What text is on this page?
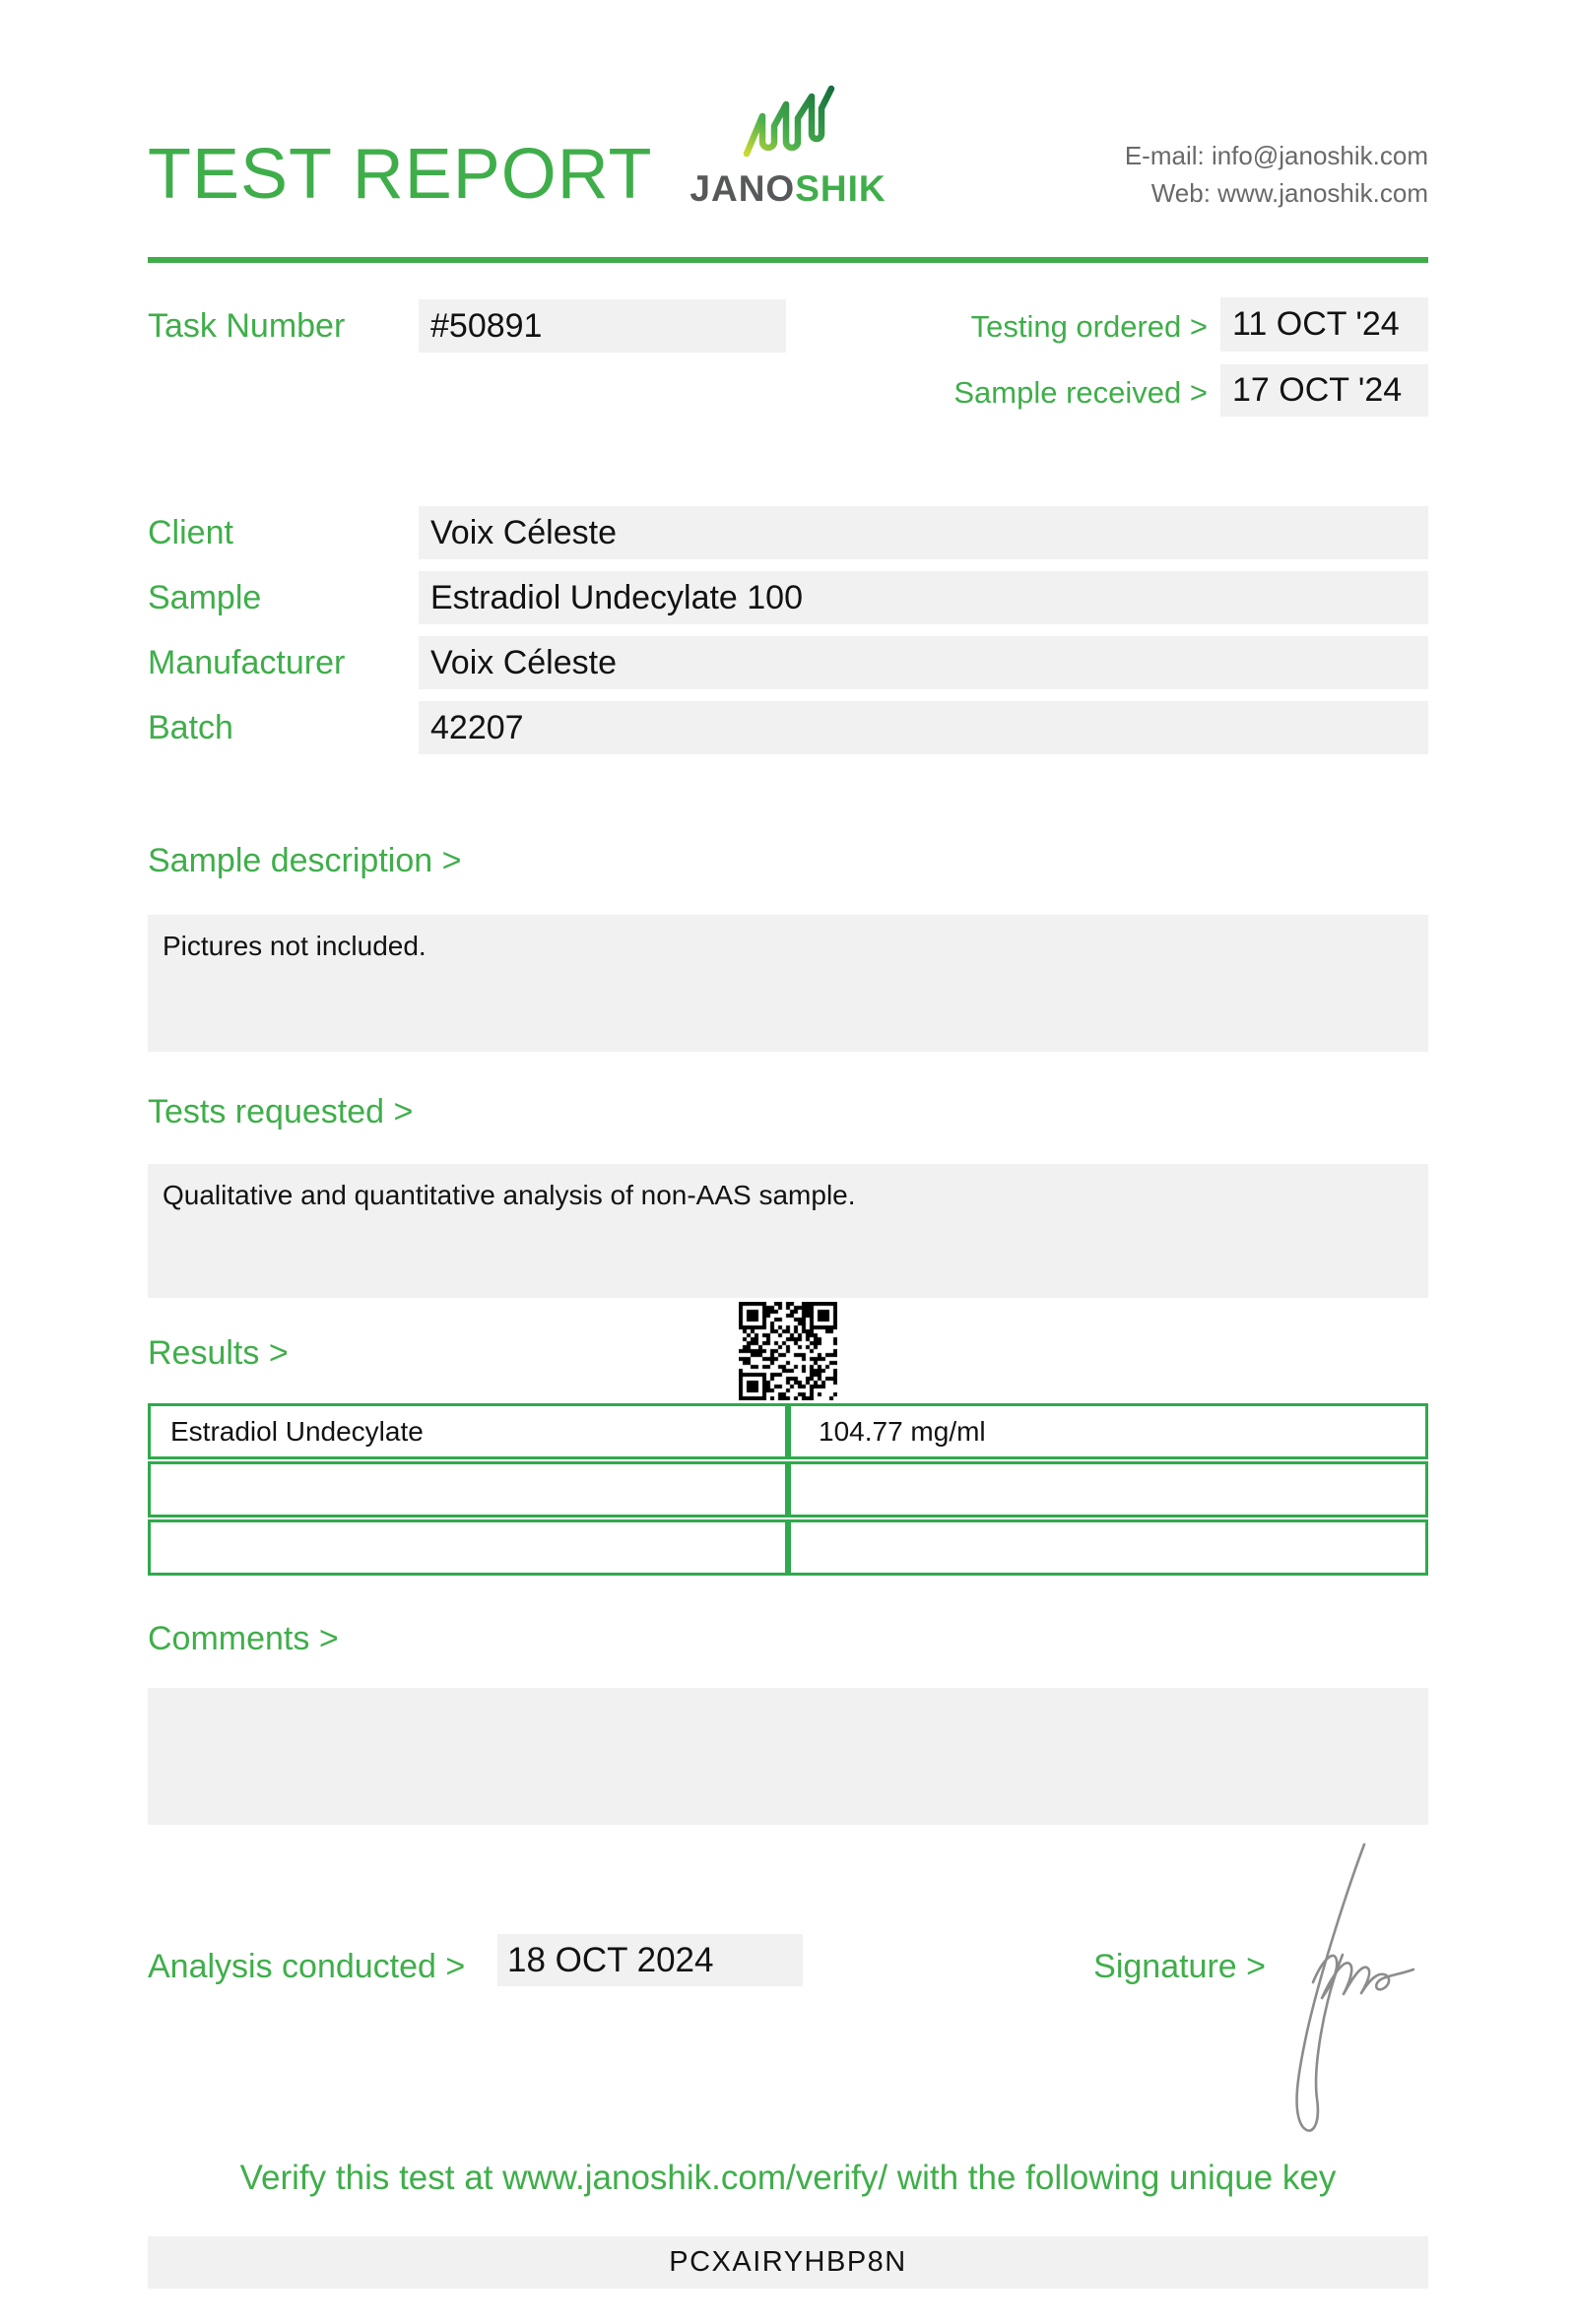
TEST REPORT	JANOSHIK
E-mail: info@janoshik.com
Web: www.janoshik.com
Task Number	#50891	Testing ordered > 11 OCT '24
Sample received > 17 OCT '24
Client	Voix Céleste
Sample	Estradiol Undecylate 100
Manufacturer	Voix Céleste
Batch	42207
Sample description >
Pictures not included.
Tests requested >
Qualitative and quantitative analysis of non-AAS sample.
Results >
Estradiol Undecylate	104.77 mg/ml
Comments >
Analysis conducted > 18 OCT 2024	Signature >
Verify this test at www.janoshik.com/verify/ with the following unique key
PCXAIRYHBP8N
